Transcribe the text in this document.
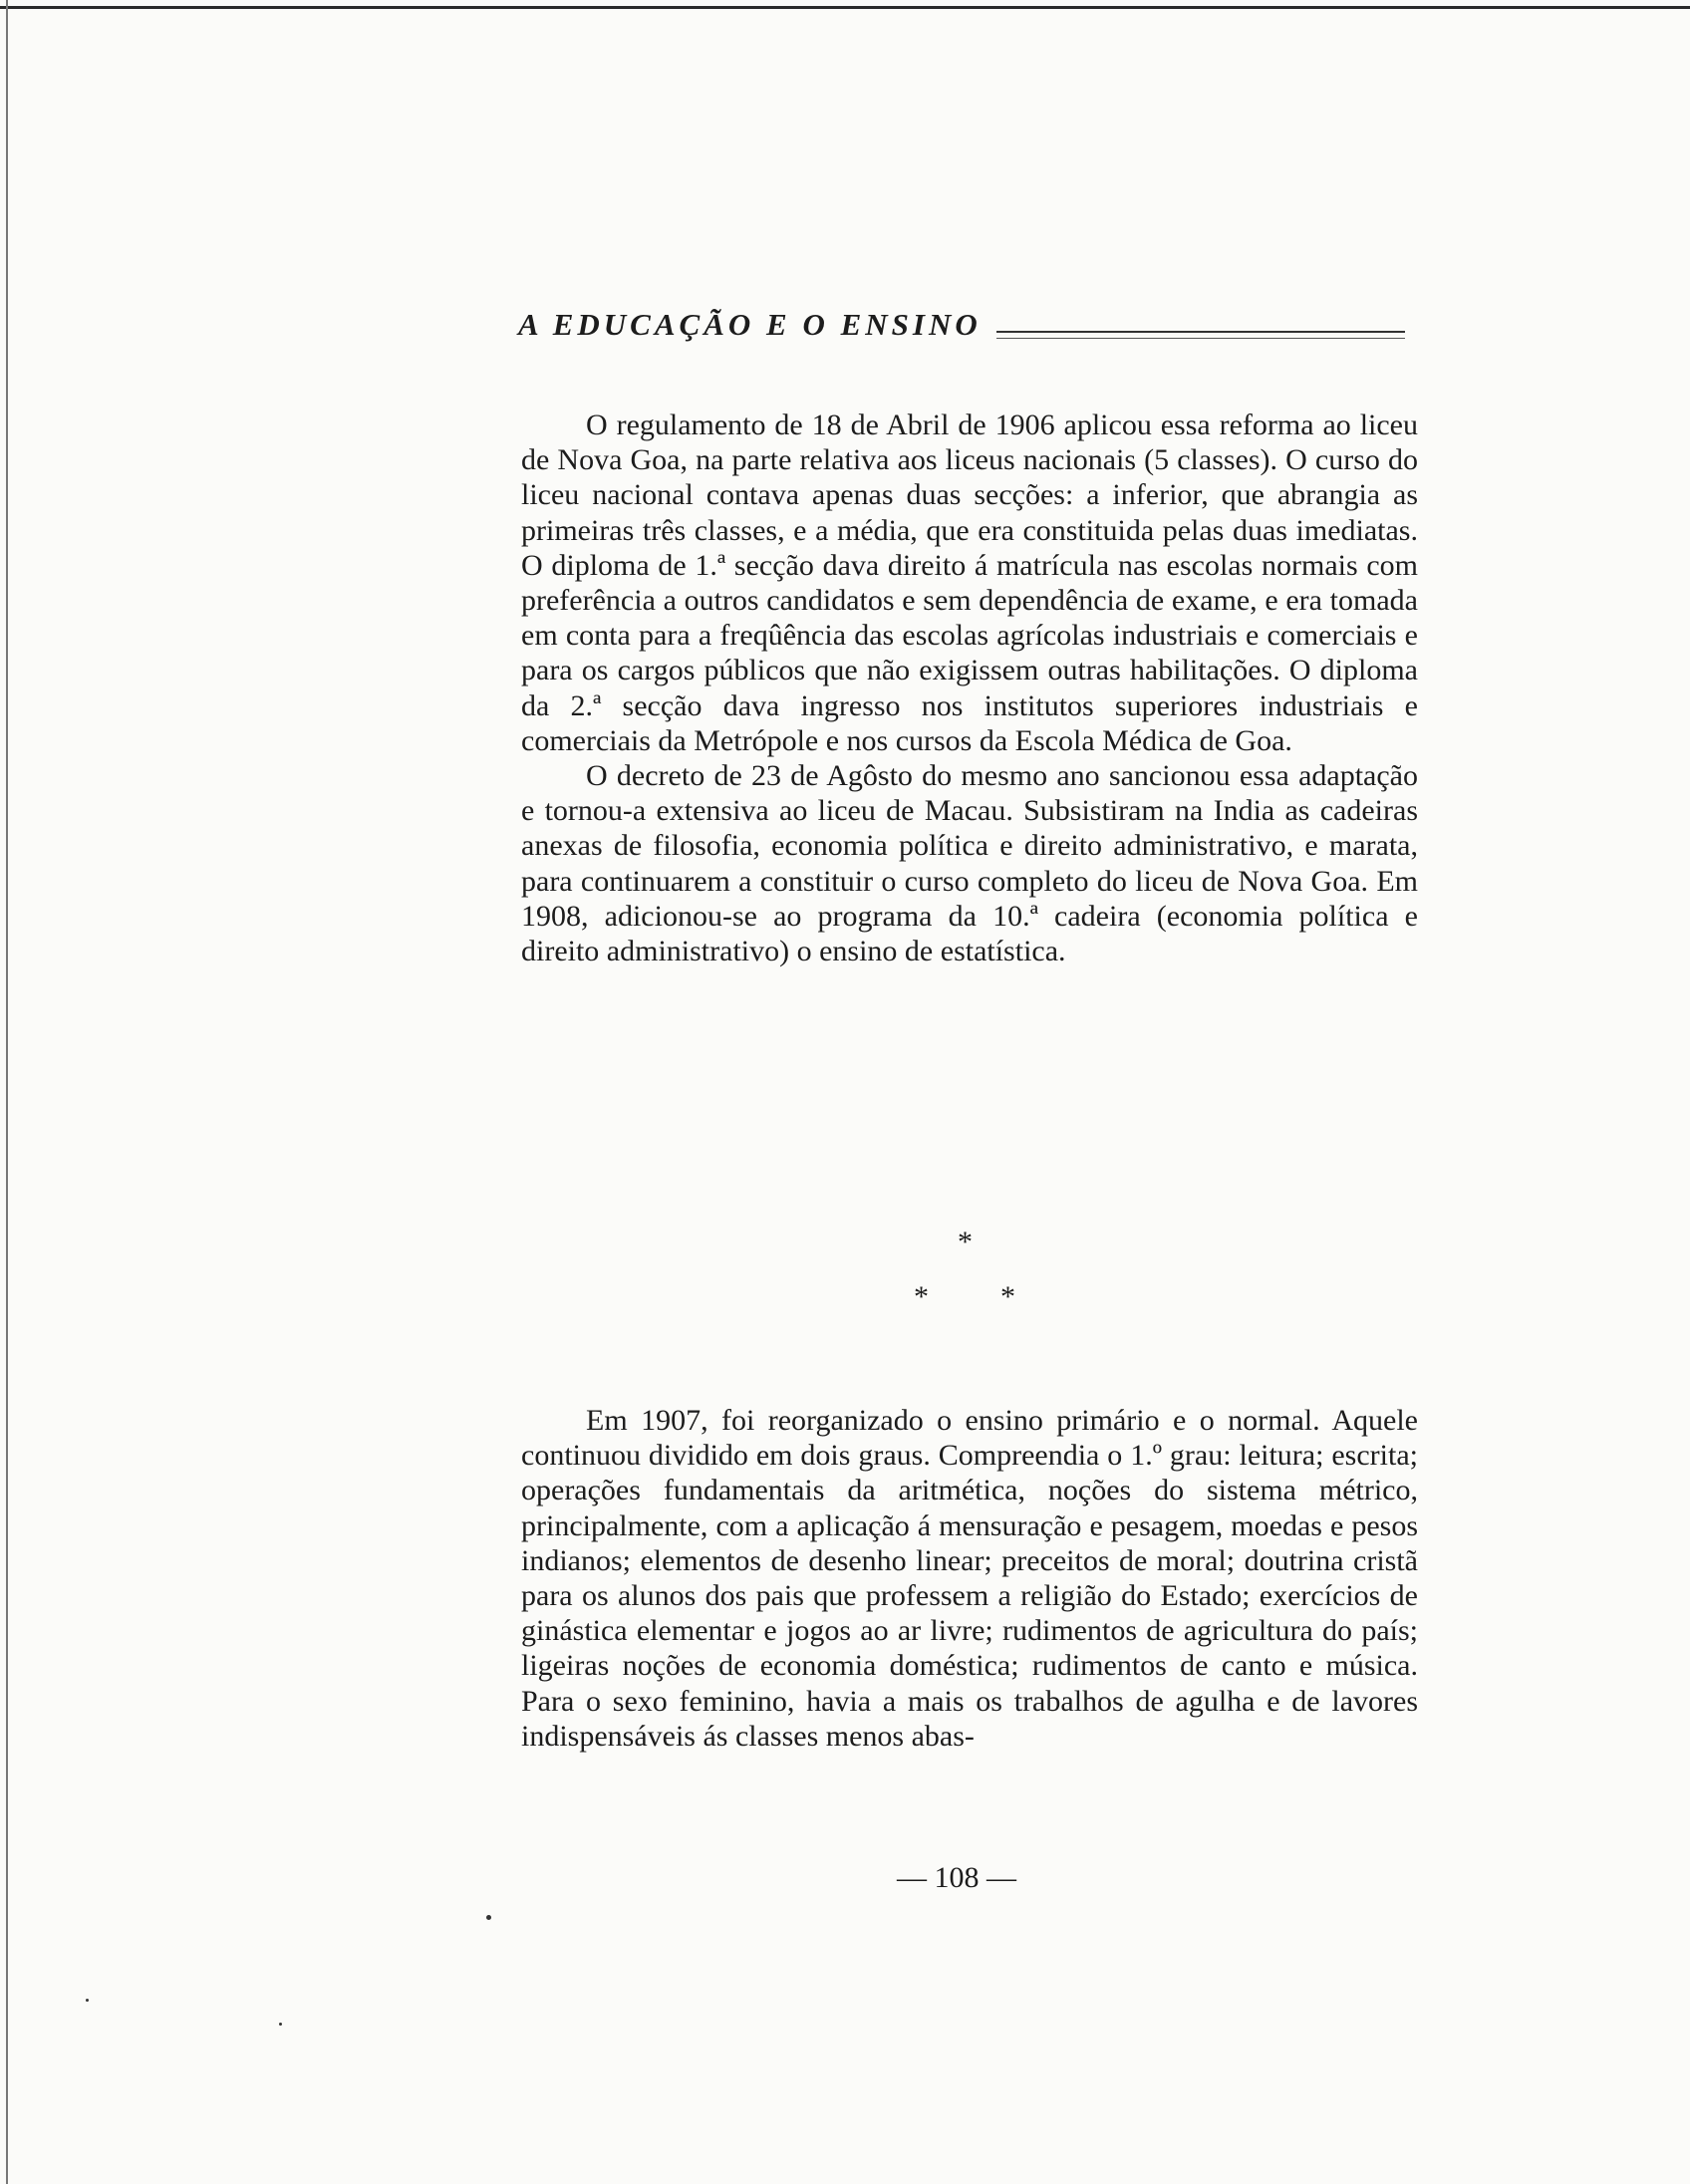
A EDUCAÇÃO E O ENSINO

O regulamento de 18 de Abril de 1906 aplicou essa reforma ao liceu de Nova Goa, na parte relativa aos liceus nacionais (5 classes). O curso do liceu nacional contava apenas duas secções: a inferior, que abrangia as primeiras três classes, e a média, que era constituida pelas duas imediatas. O diploma de 1.ª secção dava direito á matrícula nas escolas normais com preferência a outros candidatos e sem dependência de exame, e era tomada em conta para a freqûência das escolas agrícolas industriais e comerciais e para os cargos públicos que não exigissem outras habilitações. O diploma da 2.ª secção dava ingresso nos institutos superiores industriais e comerciais da Metrópole e nos cursos da Escola Médica de Goa.

O decreto de 23 de Agôsto do mesmo ano sancionou essa adaptação e tornou-a extensiva ao liceu de Macau. Subsistiram na India as cadeiras anexas de filosofia, economia política e direito administrativo, e marata, para continuarem a constituir o curso completo do liceu de Nova Goa. Em 1908, adicionou-se ao programa da 10.ª cadeira (economia política e direito administrativo) o ensino de estatística.

*
* *

Em 1907, foi reorganizado o ensino primário e o normal. Aquele continuou dividido em dois graus. Compreendia o 1.º grau: leitura; escrita; operações fundamentais da aritmética, noções do sistema métrico, principalmente, com a aplicação á mensuração e pesagem, moedas e pesos indianos; elementos de desenho linear; preceitos de moral; doutrina cristã para os alunos dos pais que professem a religião do Estado; exercícios de ginástica elementar e jogos ao ar livre; rudimentos de agricultura do país; ligeiras noções de economia doméstica; rudimentos de canto e música. Para o sexo feminino, havia a mais os trabalhos de agulha e de lavores indispensáveis ás classes menos abas-

— 108 —
